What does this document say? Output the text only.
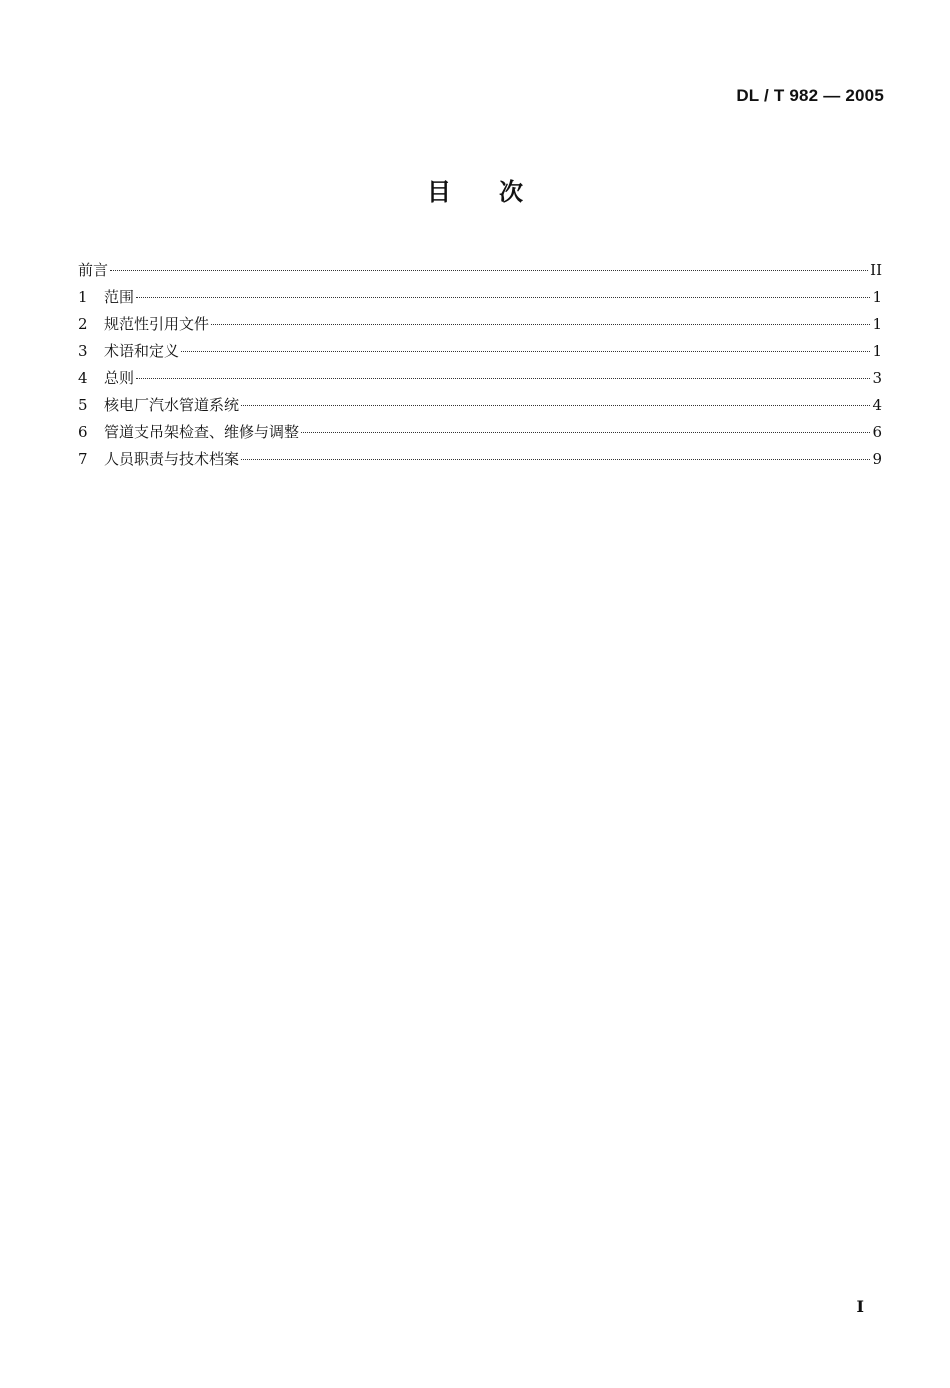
DL / T 982 — 2005
目次
前言	II
1	范围	1
2	规范性引用文件	1
3	术语和定义	1
4	总则	3
5	核电厂汽水管道系统	4
6	管道支吊架检查、维修与调整	6
7	人员职责与技术档案	9
I
